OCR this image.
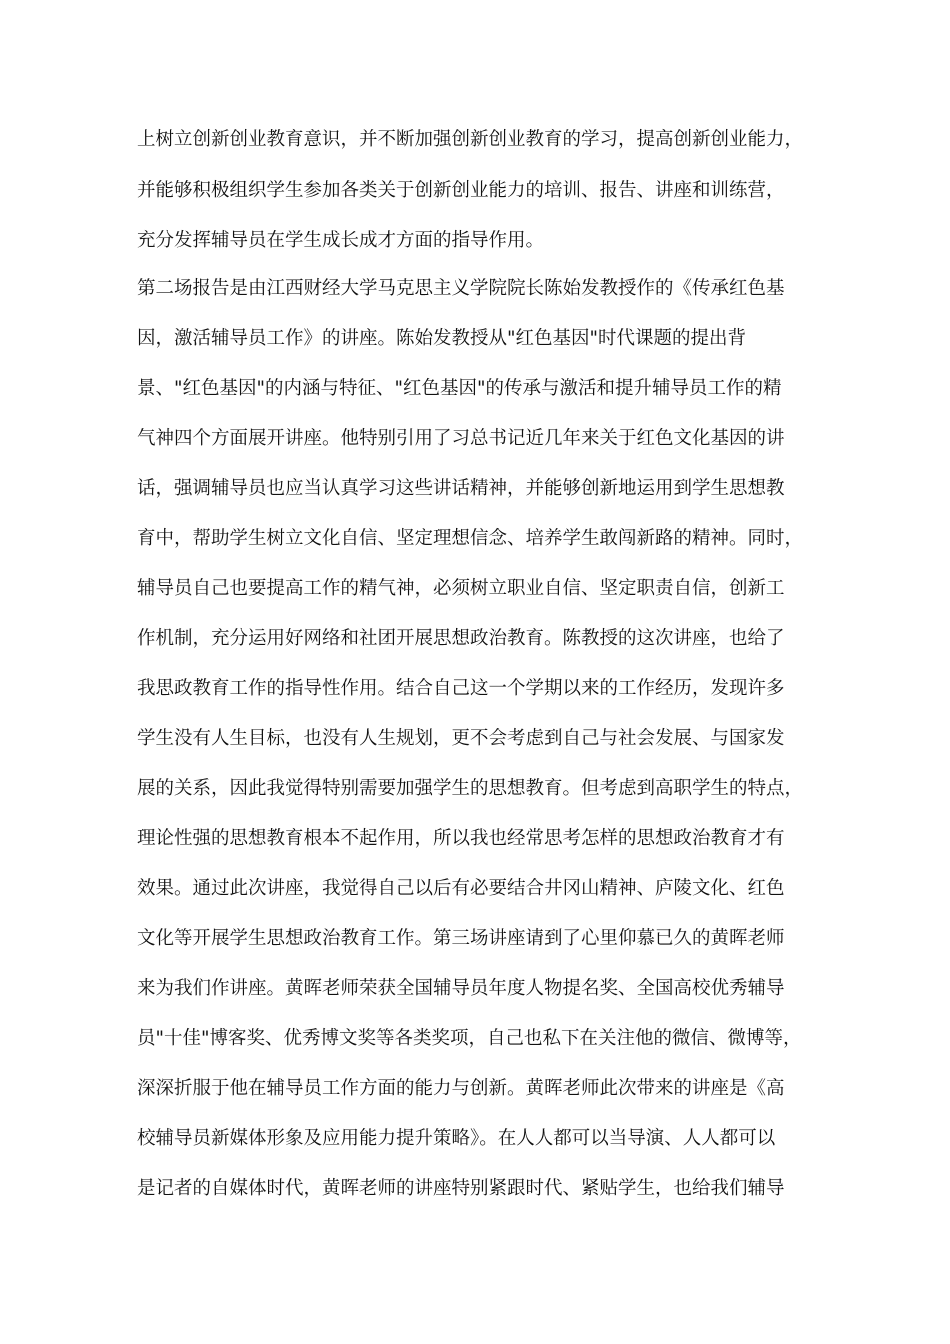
上树立创新创业教育意识，并不断加强创新创业教育的学习，提高创新创业能力，
并能够积极组织学生参加各类关于创新创业能力的培训、报告、讲座和训练营，
充分发挥辅导员在学生成长成才方面的指导作用。
第二场报告是由江西财经大学马克思主义学院院长陈始发教授作的《传承红色基
因，激活辅导员工作》的讲座。陈始发教授从"红色基因"时代课题的提出背
景、"红色基因"的内涵与特征、"红色基因"的传承与激活和提升辅导员工作的精
气神四个方面展开讲座。他特别引用了习总书记近几年来关于红色文化基因的讲
话，强调辅导员也应当认真学习这些讲话精神，并能够创新地运用到学生思想教
育中，帮助学生树立文化自信、坚定理想信念、培养学生敢闯新路的精神。同时，
辅导员自己也要提高工作的精气神，必须树立职业自信、坚定职责自信，创新工
作机制，充分运用好网络和社团开展思想政治教育。陈教授的这次讲座，也给了
我思政教育工作的指导性作用。结合自己这一个学期以来的工作经历，发现许多
学生没有人生目标，也没有人生规划，更不会考虑到自己与社会发展、与国家发
展的关系，因此我觉得特别需要加强学生的思想教育。但考虑到高职学生的特点，
理论性强的思想教育根本不起作用，所以我也经常思考怎样的思想政治教育才有
效果。通过此次讲座，我觉得自己以后有必要结合井冈山精神、庐陵文化、红色
文化等开展学生思想政治教育工作。第三场讲座请到了心里仰慕已久的黄晖老师
来为我们作讲座。黄晖老师荣获全国辅导员年度人物提名奖、全国高校优秀辅导
员"十佳"博客奖、优秀博文奖等各类奖项，自己也私下在关注他的微信、微博等，
深深折服于他在辅导员工作方面的能力与创新。黄晖老师此次带来的讲座是《高
校辅导员新媒体形象及应用能力提升策略》。在人人都可以当导演、人人都可以
是记者的自媒体时代，黄晖老师的讲座特别紧跟时代、紧贴学生，也给我们辅导
